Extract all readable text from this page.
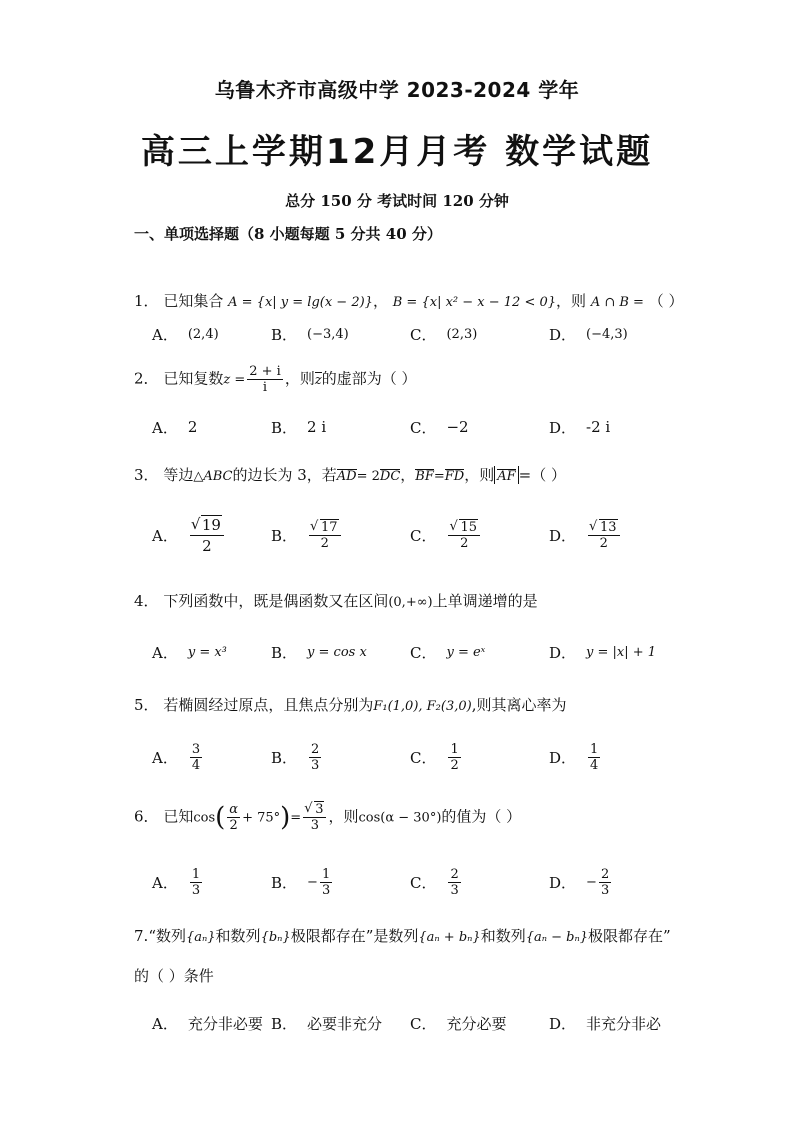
乌鲁木齐市高级中学 2023-2024 学年
高三上学期12月月考 数学试题
总分 150 分 考试时间 120 分钟
一、单项选择题（8 小题每题 5 分共 40 分）
1． 已知集合 A = {x| y = lg(x − 2)}， B = {x| x² − x − 12 < 0}，则 A ∩ B = （ ）
A． (2,4)	B． (−3,4)	C． (2,3)	D． (−4,3)
2． 已知复数$z = \frac{2 + i}{i}$ ，则z的虚部为（ ）
A． 2	B． 2 i	C． −2	D． -2 i
3． 等边△ABC的边长为 3，若AD= 2DC，BF=FD，则 AF =（ ）
A． √ $\frac{19}{2}$	B． √ $\frac{17}{2}$	C． √ $\frac{15}{2}$	D． √ $\frac{13}{2}$
4． 下列函数中，既是偶函数又在区间(0,+∞)上单调递增的是
A． y = x³	B． y = cos x	C． y = eˣ	D． y = |x| + 1
5． 若椭圆经过原点，且焦点分别为F₁(1,0), F₂(3,0),则其离心率为
A． $\frac{3}{4}$	B． $\frac{2}{3}$	C． $\frac{1}{2}$	D． $\frac{1}{4}$
6． 已知$\cos( \frac{\alpha}{2} + 75^\circ)=$ √ $\frac{3}{3}$ ，则cos(α − 30°)的值为（ ）
A． $\frac{1}{3}$	B． − $\frac{1}{3}$	C． $\frac{2}{3}$	D． − $\frac{2}{3}$
7.“数列{aₙ}和数列{bₙ}极限都存在”是数列{aₙ + bₙ}和数列{aₙ − bₙ}极限都存在”
的（ ）条件
A． 充分非必要 B． 必要非充分 C． 充分必要	D． 非充分非必
